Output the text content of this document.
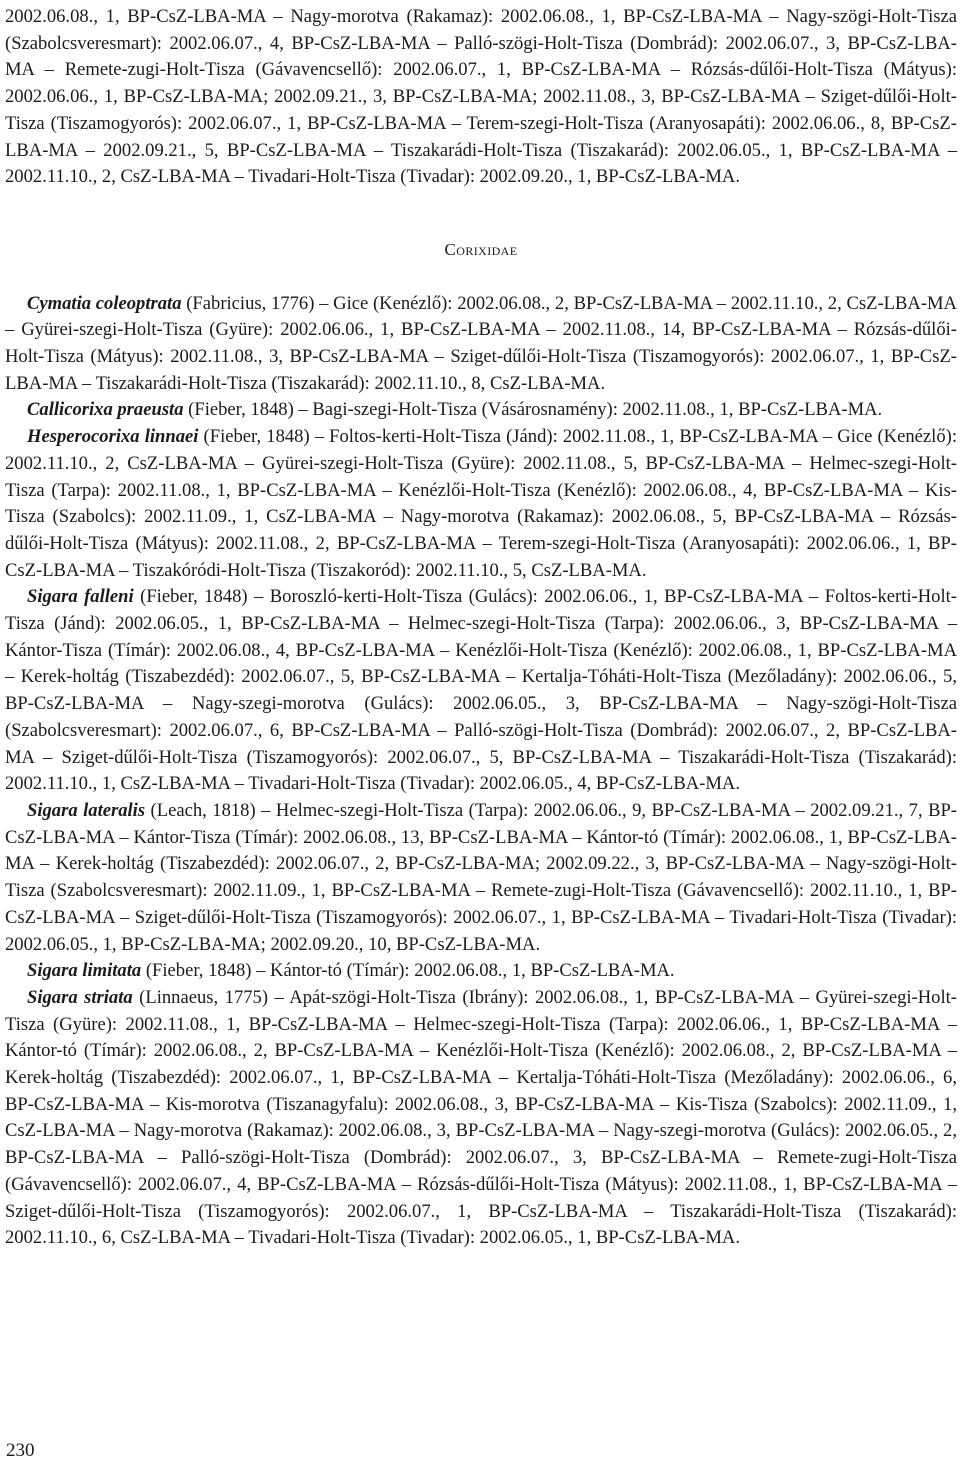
2002.06.08., 1, BP-CsZ-LBA-MA – Nagy-morotva (Rakamaz): 2002.06.08., 1, BP-CsZ-LBA-MA – Nagy-szögi-Holt-Tisza (Szabolcsveresmart): 2002.06.07., 4, BP-CsZ-LBA-MA – Palló-szögi-Holt-Tisza (Dombrád): 2002.06.07., 3, BP-CsZ-LBA-MA – Remete-zugi-Holt-Tisza (Gávavencsellő): 2002.06.07., 1, BP-CsZ-LBA-MA – Rózsás-dűlői-Holt-Tisza (Mátyus): 2002.06.06., 1, BP-CsZ-LBA-MA; 2002.09.21., 3, BP-CsZ-LBA-MA; 2002.11.08., 3, BP-CsZ-LBA-MA – Sziget-dűlői-Holt-Tisza (Tiszamogyorós): 2002.06.07., 1, BP-CsZ-LBA-MA – Terem-szegi-Holt-Tisza (Aranyosapáti): 2002.06.06., 8, BP-CsZ-LBA-MA – 2002.09.21., 5, BP-CsZ-LBA-MA – Tiszakarádi-Holt-Tisza (Tiszakarád): 2002.06.05., 1, BP-CsZ-LBA-MA – 2002.11.10., 2, CsZ-LBA-MA – Tivadari-Holt-Tisza (Tivadar): 2002.09.20., 1, BP-CsZ-LBA-MA.

Corixidae

Cymatia coleoptrata (Fabricius, 1776) – Gice (Kenézlő): 2002.06.08., 2, BP-CsZ-LBA-MA – 2002.11.10., 2, CsZ-LBA-MA – Gyürei-szegi-Holt-Tisza (Gyüre): 2002.06.06., 1, BP-CsZ-LBA-MA – 2002.11.08., 14, BP-CsZ-LBA-MA – Rózsás-dűlői-Holt-Tisza (Mátyus): 2002.11.08., 3, BP-CsZ-LBA-MA – Sziget-dűlői-Holt-Tisza (Tiszamogyorós): 2002.06.07., 1, BP-CsZ-LBA-MA – Tiszakarádi-Holt-Tisza (Tiszakarád): 2002.11.10., 8, CsZ-LBA-MA.

Callicorixa praeusta (Fieber, 1848) – Bagi-szegi-Holt-Tisza (Vásárosnamény): 2002.11.08., 1, BP-CsZ-LBA-MA.

Hesperocorixa linnaei (Fieber, 1848) – Foltos-kerti-Holt-Tisza (Jánd): 2002.11.08., 1, BP-CsZ-LBA-MA – Gice (Kenézlő): 2002.11.10., 2, CsZ-LBA-MA – Gyürei-szegi-Holt-Tisza (Gyüre): 2002.11.08., 5, BP-CsZ-LBA-MA – Helmec-szegi-Holt-Tisza (Tarpa): 2002.11.08., 1, BP-CsZ-LBA-MA – Kenézlői-Holt-Tisza (Kenézlő): 2002.06.08., 4, BP-CsZ-LBA-MA – Kis-Tisza (Szabolcs): 2002.11.09., 1, CsZ-LBA-MA – Nagy-morotva (Rakamaz): 2002.06.08., 5, BP-CsZ-LBA-MA – Rózsás-dűlői-Holt-Tisza (Mátyus): 2002.11.08., 2, BP-CsZ-LBA-MA – Terem-szegi-Holt-Tisza (Aranyosapáti): 2002.06.06., 1, BP-CsZ-LBA-MA – Tiszakóródi-Holt-Tisza (Tiszakoród): 2002.11.10., 5, CsZ-LBA-MA.

Sigara falleni (Fieber, 1848) – Boroszló-kerti-Holt-Tisza (Gulács): 2002.06.06., 1, BP-CsZ-LBA-MA – Foltos-kerti-Holt-Tisza (Jánd): 2002.06.05., 1, BP-CsZ-LBA-MA – Helmec-szegi-Holt-Tisza (Tarpa): 2002.06.06., 3, BP-CsZ-LBA-MA – Kántor-Tisza (Tímár): 2002.06.08., 4, BP-CsZ-LBA-MA – Kenézlői-Holt-Tisza (Kenézlő): 2002.06.08., 1, BP-CsZ-LBA-MA – Kerek-holtág (Tiszabezdéd): 2002.06.07., 5, BP-CsZ-LBA-MA – Kertalja-Tóháti-Holt-Tisza (Mezőladány): 2002.06.06., 5, BP-CsZ-LBA-MA – Nagy-szegi-morotva (Gulács): 2002.06.05., 3, BP-CsZ-LBA-MA – Nagy-szögi-Holt-Tisza (Szabolcsveresmart): 2002.06.07., 6, BP-CsZ-LBA-MA – Palló-szögi-Holt-Tisza (Dombrád): 2002.06.07., 2, BP-CsZ-LBA-MA – Sziget-dűlői-Holt-Tisza (Tiszamogyorós): 2002.06.07., 5, BP-CsZ-LBA-MA – Tiszakarádi-Holt-Tisza (Tiszakarád): 2002.11.10., 1, CsZ-LBA-MA – Tivadari-Holt-Tisza (Tivadar): 2002.06.05., 4, BP-CsZ-LBA-MA.

Sigara lateralis (Leach, 1818) – Helmec-szegi-Holt-Tisza (Tarpa): 2002.06.06., 9, BP-CsZ-LBA-MA – 2002.09.21., 7, BP-CsZ-LBA-MA – Kántor-Tisza (Tímár): 2002.06.08., 13, BP-CsZ-LBA-MA – Kántor-tó (Tímár): 2002.06.08., 1, BP-CsZ-LBA-MA – Kerek-holtág (Tiszabezdéd): 2002.06.07., 2, BP-CsZ-LBA-MA; 2002.09.22., 3, BP-CsZ-LBA-MA – Nagy-szögi-Holt-Tisza (Szabolcsveresmart): 2002.11.09., 1, BP-CsZ-LBA-MA – Remete-zugi-Holt-Tisza (Gávavencsellő): 2002.11.10., 1, BP-CsZ-LBA-MA – Sziget-dűlői-Holt-Tisza (Tiszamogyorós): 2002.06.07., 1, BP-CsZ-LBA-MA – Tivadari-Holt-Tisza (Tivadar): 2002.06.05., 1, BP-CsZ-LBA-MA; 2002.09.20., 10, BP-CsZ-LBA-MA.

Sigara limitata (Fieber, 1848) – Kántor-tó (Tímár): 2002.06.08., 1, BP-CsZ-LBA-MA.

Sigara striata (Linnaeus, 1775) – Apát-szögi-Holt-Tisza (Ibrány): 2002.06.08., 1, BP-CsZ-LBA-MA – Gyürei-szegi-Holt-Tisza (Gyüre): 2002.11.08., 1, BP-CsZ-LBA-MA – Helmec-szegi-Holt-Tisza (Tarpa): 2002.06.06., 1, BP-CsZ-LBA-MA – Kántor-tó (Tímár): 2002.06.08., 2, BP-CsZ-LBA-MA – Kenézlői-Holt-Tisza (Kenézlő): 2002.06.08., 2, BP-CsZ-LBA-MA – Kerek-holtág (Tiszabezdéd): 2002.06.07., 1, BP-CsZ-LBA-MA – Kertalja-Tóháti-Holt-Tisza (Mezőladány): 2002.06.06., 6, BP-CsZ-LBA-MA – Kis-morotva (Tiszanagyfalu): 2002.06.08., 3, BP-CsZ-LBA-MA – Kis-Tisza (Szabolcs): 2002.11.09., 1, CsZ-LBA-MA – Nagy-morotva (Rakamaz): 2002.06.08., 3, BP-CsZ-LBA-MA – Nagy-szegi-morotva (Gulács): 2002.06.05., 2, BP-CsZ-LBA-MA – Palló-szögi-Holt-Tisza (Dombrád): 2002.06.07., 3, BP-CsZ-LBA-MA – Remete-zugi-Holt-Tisza (Gávavencsellő): 2002.06.07., 4, BP-CsZ-LBA-MA – Rózsás-dűlői-Holt-Tisza (Mátyus): 2002.11.08., 1, BP-CsZ-LBA-MA – Sziget-dűlői-Holt-Tisza (Tiszamogyorós): 2002.06.07., 1, BP-CsZ-LBA-MA – Tiszakarádi-Holt-Tisza (Tiszakarád): 2002.11.10., 6, CsZ-LBA-MA – Tivadari-Holt-Tisza (Tivadar): 2002.06.05., 1, BP-CsZ-LBA-MA.

230
